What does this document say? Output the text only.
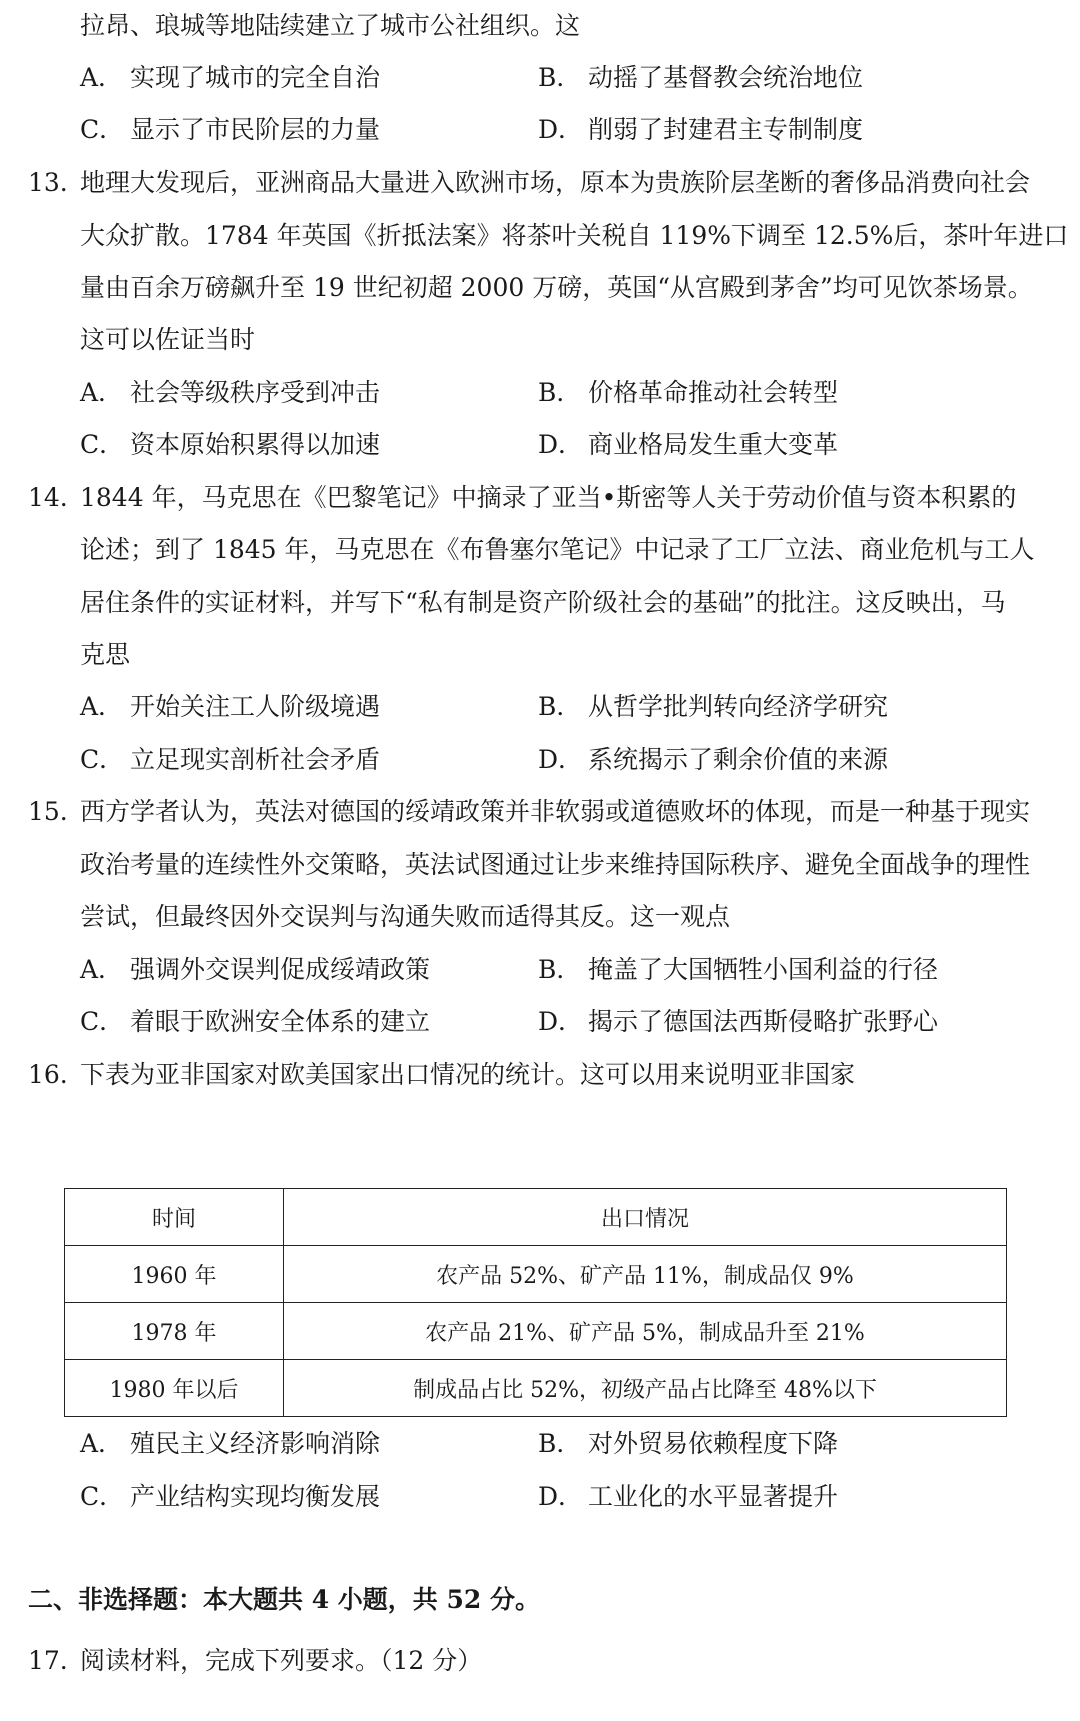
拉昂、琅城等地陆续建立了城市公社组织。这
A． 实现了城市的完全自治	B． 动摇了基督教会统治地位
C． 显示了市民阶层的力量	D． 削弱了封建君主专制制度
13. 地理大发现后，亚洲商品大量进入欧洲市场，原本为贵族阶层垄断的奢侈品消费向社会
大众扩散。1784 年英国《折抵法案》将茶叶关税自 119%下调至 12.5%后，茶叶年进口
量由百余万磅飙升至 19 世纪初超 2000 万磅，英国“从宫殿到茅舍”均可见饮茶场景。
这可以佐证当时
A． 社会等级秩序受到冲击	B． 价格革命推动社会转型
C． 资本原始积累得以加速	D． 商业格局发生重大变革
14. 1844 年，马克思在《巴黎笔记》中摘录了亚当•斯密等人关于劳动价值与资本积累的
论述；到了 1845 年，马克思在《布鲁塞尔笔记》中记录了工厂立法、商业危机与工人
居住条件的实证材料，并写下“私有制是资产阶级社会的基础”的批注。这反映出，马
克思
A． 开始关注工人阶级境遇	B． 从哲学批判转向经济学研究
C． 立足现实剖析社会矛盾	D． 系统揭示了剩余价值的来源
15. 西方学者认为，英法对德国的绥靖政策并非软弱或道德败坏的体现，而是一种基于现实
政治考量的连续性外交策略，英法试图通过让步来维持国际秩序、避免全面战争的理性
尝试，但最终因外交误判与沟通失败而适得其反。这一观点
A． 强调外交误判促成绥靖政策	B． 掩盖了大国牺牲小国利益的行径
C． 着眼于欧洲安全体系的建立	D． 揭示了德国法西斯侵略扩张野心
16. 下表为亚非国家对欧美国家出口情况的统计。这可以用来说明亚非国家
时间	出口情况
1960 年	农产品 52%、矿产品 11%，制成品仅 9%
1978 年	农产品 21%、矿产品 5%，制成品升至 21%
1980 年以后	制成品占比 52%，初级产品占比降至 48%以下
A． 殖民主义经济影响消除	B． 对外贸易依赖程度下降
C． 产业结构实现均衡发展	D． 工业化的水平显著提升
二、非选择题：本大题共 4 小题，共 52 分。
17. 阅读材料，完成下列要求。（12 分）
